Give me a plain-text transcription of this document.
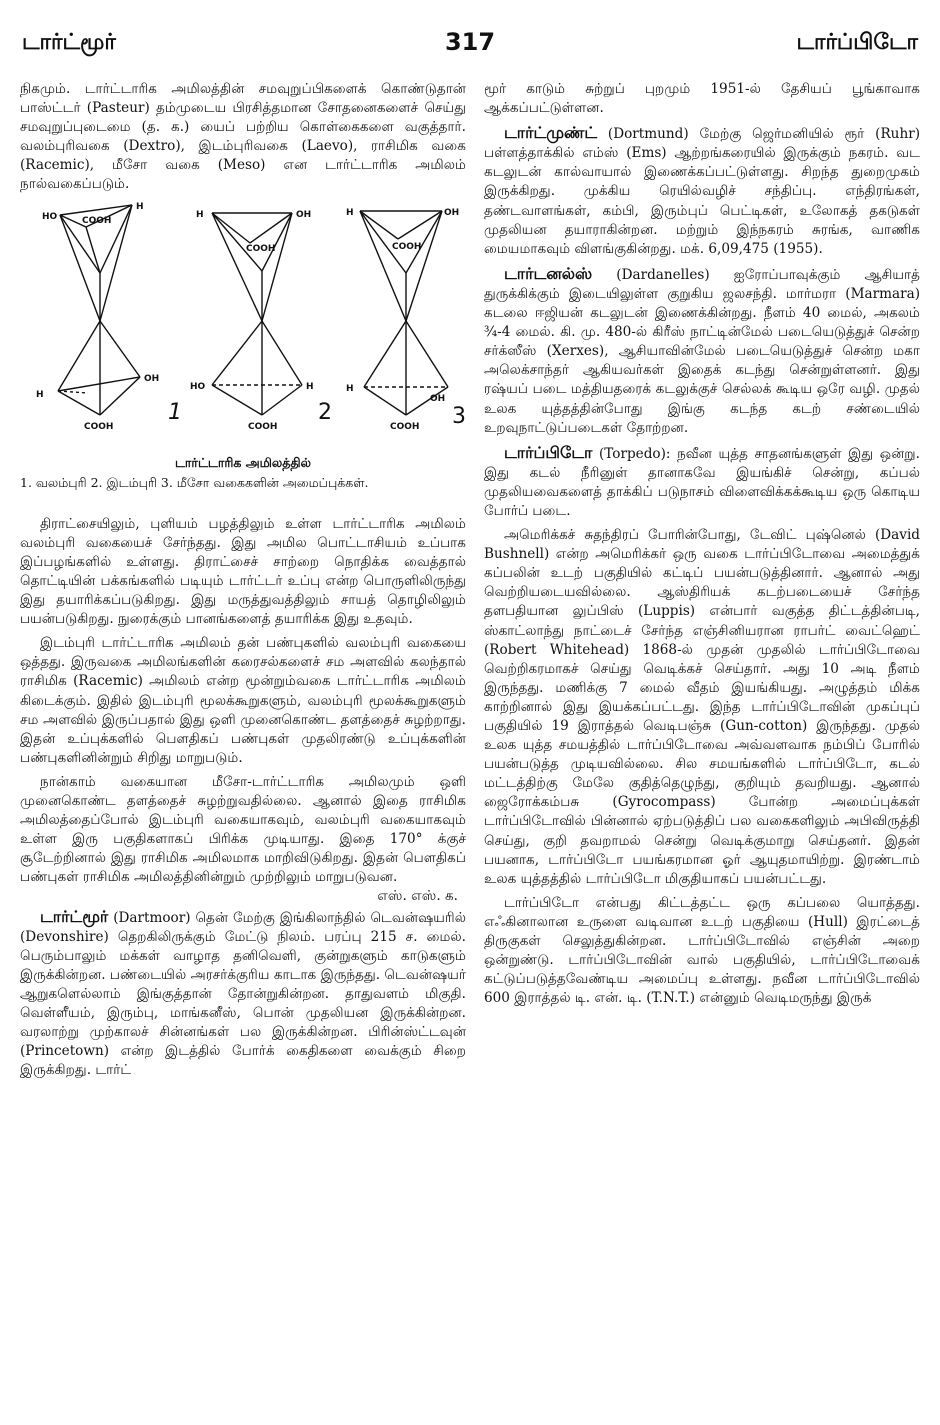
டார்ட்மூர்	317	டார்ப்பிடோ

நிகமும். டார்ட்டாரிக அமிலத்தின் சமவுறுப்பிகளைக் கொண்டுதான் பாஸ்ட்டர் (Pasteur) தம்முடைய பிரசித்தமான சோதனைகளைச் செய்து சமவுறுப்புடைமை (த. க.) யைப் பற்றிய கொள்கைகளை வகுத்தார். வலம்புரிவகை (Dextro), இடம்புரிவகை (Laevo), ராசிமிக வகை (Racemic), மீசோ வகை (Meso) என டார்ட்டாரிக அமிலம் நால்வகைப்படும்.

HO
H
COOH
H
OH
COOH
H	OH
COOH
HO	H
COOH
H	OH
COOH
H
OH
COOH
1	2	3
டார்ட்டாரிக அமிலத்தில்
1. வலம்புரி 2. இடம்புரி 3. மீசோ வகைகளின் அமைப்புக்கள்.

திராட்சையிலும், புளியம் பழத்திலும் உள்ள டார்ட்டாரிக அமிலம் வலம்புரி வகையைச் சேர்ந்தது. இது அமில பொட்டாசியம் உப்பாக இப்பழங்களில் உள்ளது. திராட்சைச் சாற்றை நொதிக்க வைத்தால் தொட்டியின் பக்கங்களில் படியும் டார்ட்டர் உப்பு என்ற பொருளிலிருந்து இது தயாரிக்கப்படுகிறது. இது மருத்துவத்திலும் சாயத் தொழிலிலும் பயன்படுகிறது. நுரைக்கும் பானங்களைத் தயாரிக்க இது உதவும்.

இடம்புரி டார்ட்டாரிக அமிலம் தன் பண்புகளில் வலம்புரி வகையை ஒத்தது. இருவகை அமிலங்களின் கரைசல்களைச் சம அளவில் கலந்தால் ராசிமிக (Racemic) அமிலம் என்ற மூன்றும்வகை டார்ட்டாரிக அமிலம் கிடைக்கும். இதில் இடம்புரி மூலக்கூறுகளும், வலம்புரி மூலக்கூறுகளும் சம அளவில் இருப்பதால் இது ஒளி முனைகொண்ட தளத்தைச் சுழற்றாது. இதன் உப்புக்களில் பௌதிகப் பண்புகள் முதலிரண்டு உப்புக்களின் பண்புகளினின்றும் சிறிது மாறுபடும்.

நான்காம் வகையான மீசோ-டார்ட்டாரிக அமிலமும் ஒளி முனைகொண்ட தளத்தைச் சுழற்றுவதில்லை. ஆனால் இதை ராசிமிக அமிலத்தைப்போல் இடம்புரி வகையாகவும், வலம்புரி வகையாகவும் உள்ள இரு பகுதிகளாகப் பிரிக்க முடியாது. இதை 170° க்குச் சூடேற்றினால் இது ராசிமிக அமிலமாக மாறிவிடுகிறது. இதன் பௌதிகப் பண்புகள் ராசிமிக அமிலத்தினின்றும் முற்றிலும் மாறுபடுவன.

எஸ். எஸ். க.

டார்ட்மூர் (Dartmoor) தென் மேற்கு இங்கிலாந்தில் டெவன்ஷயரில் (Devonshire) தெறகிலிருக்கும் மேட்டு நிலம். பரப்பு 215 ச. மைல். பெரும்பாலும் மக்கள் வாழாத தனிவெளி, குன்றுகளும் காடுகளும் இருக்கின்றன. பண்டையில் அரசர்க்குரிய காடாக இருந்தது. டெவன்ஷயர் ஆறுகளெல்லாம் இங்குத்தான் தோன்றுகின்றன. தாதுவளம் மிகுதி. வெள்ளீயம், இரும்பு, மாங்கனீஸ், பொன் முதலியன இருக்கின்றன. வரலாற்று முற்காலச் சின்னங்கள் பல இருக்கின்றன. பிரின்ஸ்ட்டவுன் (Princetown) என்ற இடத்தில் போர்க் கைதிகளை வைக்கும் சிறை இருக்கிறது. டார்ட்

மூர் காடும் சுற்றுப் புறமும் 1951-ல் தேசியப் பூங்காவாக ஆக்கப்பட்டுள்ளன.

டார்ட்முண்ட் (Dortmund) மேற்கு ஜெர்மனியில் ரூர் (Ruhr) பள்ளத்தாக்கில் எம்ஸ் (Ems) ஆற்றங்கரையில் இருக்கும் நகரம். வட கடலுடன் கால்வாயால் இணைக்கப்பட்டுள்ளது. சிறந்த துறைமுகம் இருக்கிறது. முக்கிய ரெயில்வழிச் சந்திப்பு. எந்திரங்கள், தண்டவாளங்கள், கம்பி, இரும்புப் பெட்டிகள், உலோகத் தகடுகள் முதலியன தயாராகின்றன. மற்றும் இந்நகரம் சுரங்க, வாணிக மையமாகவும் விளங்குகின்றது. மக். 6,09,475 (1955).

டார்டனல்ஸ் (Dardanelles) ஐரோப்பாவுக்கும் ஆசியாத் துருக்கிக்கும் இடையிலுள்ள குறுகிய ஜலசந்தி. மார்மரா (Marmara) கடலை ஈஜியன் கடலுடன் இணைக்கின்றது. நீளம் 40 மைல், அகலம் ¾-4 மைல். கி. மு. 480-ல் கிரீஸ் நாட்டின்மேல் படையெடுத்துச் சென்ற சர்க்ஸீஸ் (Xerxes), ஆசியாவின்மேல் படையெடுத்துச் சென்ற மகா அலெக்சாந்தர் ஆகியவர்கள் இதைக் கடந்து சென்றுள்ளனர். இது ரஷ்யப் படை மத்தியதரைக் கடலுக்குச் செல்லக் கூடிய ஒரே வழி. முதல் உலக யுத்தத்தின்போது இங்கு கடந்த கடற் சண்டையில் உறவுநாட்டுப்படைகள் தோற்றன.

டார்ப்பிடோ (Torpedo): நவீன யுத்த சாதனங்களுள் இது ஒன்று. இது கடல் நீரினுள் தானாகவே இயங்கிச் சென்று, கப்பல் முதலியவைகளைத் தாக்கிப் படுநாசம் விளைவிக்கக்கூடிய ஒரு கொடிய போர்ப் படை.

அமெரிக்கச் சுதந்திரப் போரின்போது, டேவிட் புஷ்னெல் (David Bushnell) என்ற அமெரிக்கர் ஒரு வகை டார்ப்பிடோவை அமைத்துக் கப்பலின் உடற் பகுதியில் கட்டிப் பயன்படுத்தினார். ஆனால் அது வெற்றியடையவில்லை. ஆஸ்திரியக் கடற்படையைச் சேர்ந்த தளபதியான லுப்பிஸ் (Luppis) என்பார் வகுத்த திட்டத்தின்படி, ஸ்காட்லாந்து நாட்டைச் சேர்ந்த எஞ்சினியரான ராபர்ட் வைட்ஹெட் (Robert Whitehead) 1868-ல் முதன் முதலில் டார்ப்பிடோவை வெற்றிகரமாகச் செய்து வெடிக்கச் செய்தார். அது 10 அடி நீளம் இருந்தது. மணிக்கு 7 மைல் வீதம் இயங்கியது. அழுத்தம் மிக்க காற்றினால் இது இயக்கப்பட்டது. இந்த டார்ப்பிடோவின் முகப்புப் பகுதியில் 19 இராத்தல் வெடிபஞ்சு (Gun-cotton) இருந்தது. முதல் உலக யுத்த சமயத்தில் டார்ப்பிடோவை அவ்வளவாக நம்பிப் போரில் பயன்படுத்த முடியவில்லை. சில சமயங்களில் டார்ப்பிடோ, கடல் மட்டத்திற்கு மேலே குதித்தெழுந்து, குறியும் தவறியது. ஆனால் ஜைரோக்கம்பசு (Gyrocompass) போன்ற அமைப்புக்கள் டார்ப்பிடோவில் பின்னால் ஏற்படுத்திப் பல வகைகளிலும் அபிவிருத்தி செய்து, குறி தவறாமல் சென்று வெடிக்குமாறு செய்தனர். இதன் பயனாக, டார்ப்பிடோ பயங்கரமான ஓர் ஆயுதமாயிற்று. இரண்டாம் உலக யுத்தத்தில் டார்ப்பிடோ மிகுதியாகப் பயன்பட்டது.

டார்ப்பிடோ என்பது கிட்டத்தட்ட ஒரு கப்பலை யொத்தது. எஃகினாலான உருளை வடிவான உடற் பகுதியை (Hull) இரட்டைத் திருகுகள் செலுத்துகின்றன. டார்ப்பிடோவில் எஞ்சின் அறை ஒன்றுண்டு. டார்ப்பிடோவின் வால் பகுதியில், டார்ப்பிடோவைக் கட்டுப்படுத்தவேண்டிய அமைப்பு உள்ளது. நவீன டார்ப்பிடோவில் 600 இராத்தல் டி. என். டி. (T.N.T.) என்னும் வெடிமருந்து இருக்
